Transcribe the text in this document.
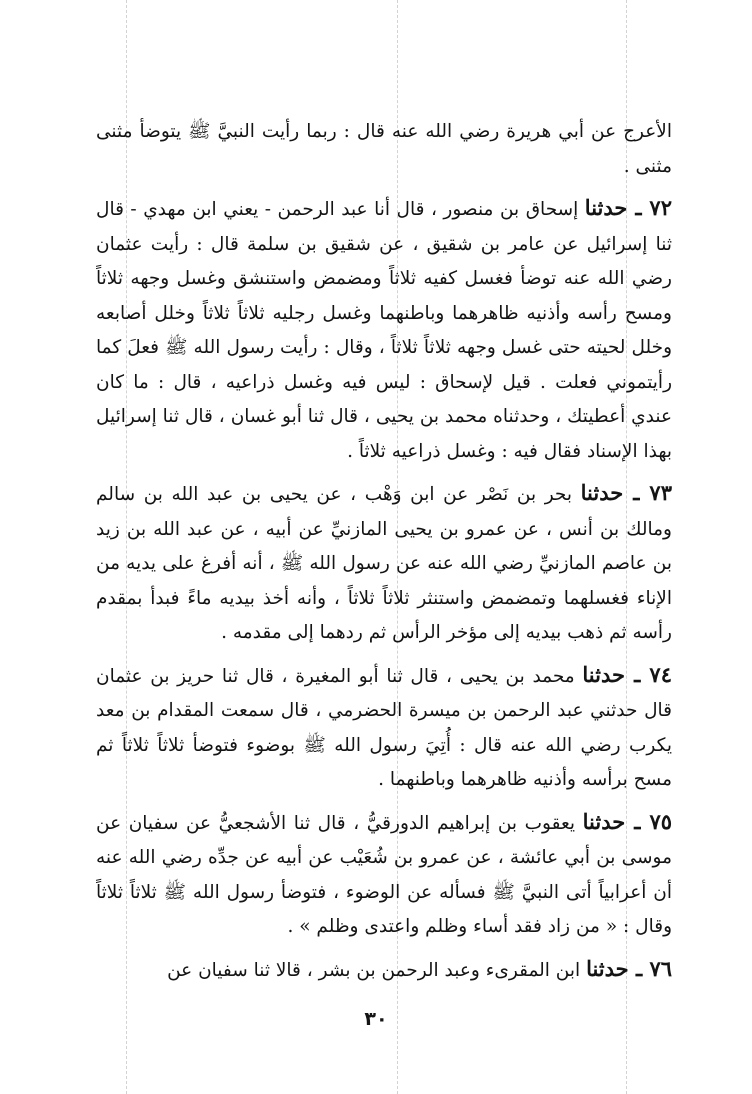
الأعرج عن أبي هريرة رضي الله عنه قال : ربما رأيت النبيَّ ﷺ يتوضأ مثنى مثنى .

٧٢ ـ حدثنا إسحاق بن منصور ، قال أنا عبد الرحمن - يعني ابن مهدي - قال ثنا إسرائيل عن عامر بن شقيق ، عن شقيق بن سلمة قال : رأيت عثمان رضي الله عنه توضأ فغسل كفيه ثلاثاً ومضمض واستنشق وغسل وجهه ثلاثاً ومسح رأسه وأذنيه ظاهرهما وباطنهما وغسل رجليه ثلاثاً ثلاثاً وخلل أصابعه وخلل لحيته حتى غسل وجهه ثلاثاً ثلاثاً ، وقال : رأيت رسول الله ﷺ فعلَ كما رأيتموني فعلت . قيل لإسحاق : ليس فيه وغسل ذراعيه ، قال : ما كان عندي أعطيتك ، وحدثناه محمد بن يحيى ، قال ثنا أبو غسان ، قال ثنا إسرائيل بهذا الإسناد فقال فيه : وغسل ذراعيه ثلاثاً .

٧٣ ـ حدثنا بحر بن نَصْر عن ابن وَهْب ، عن يحيى بن عبد الله بن سالم ومالك بن أنس ، عن عمرو بن يحيى المازنيِّ عن أبيه ، عن عبد الله بن زيد بن عاصم المازنيِّ رضي الله عنه عن رسول الله ﷺ ، أنه أفرغ على يديه من الإناء فغسلهما وتمضمض واستنثر ثلاثاً ثلاثاً ، وأنه أخذ بيديه ماءً فبدأ بمقدم رأسه ثم ذهب بيديه إلى مؤخر الرأس ثم ردهما إلى مقدمه .

٧٤ ـ حدثنا محمد بن يحيى ، قال ثنا أبو المغيرة ، قال ثنا حريز بن عثمان قال حدثني عبد الرحمن بن ميسرة الحضرمي ، قال سمعت المقدام بن معد يكرب رضي الله عنه قال : أُتِيَ رسول الله ﷺ بوضوء فتوضأ ثلاثاً ثلاثاً ثم مسح برأسه وأذنيه ظاهرهما وباطنهما .

٧٥ ـ حدثنا يعقوب بن إبراهيم الدورقيُّ ، قال ثنا الأشجعيُّ عن سفيان عن موسى بن أبي عائشة ، عن عمرو بن شُعَيْب عن أبيه عن جدِّه رضي الله عنه أن أعرابياً أتى النبيَّ ﷺ فسأله عن الوضوء ، فتوضأ رسول الله ﷺ ثلاثاً ثلاثاً وقال : « من زاد فقد أساء وظلم واعتدى وظلم » .

٧٦ ـ حدثنا ابن المقرىء وعبد الرحمن بن بشر ، قالا ثنا سفيان عن

٣٠
